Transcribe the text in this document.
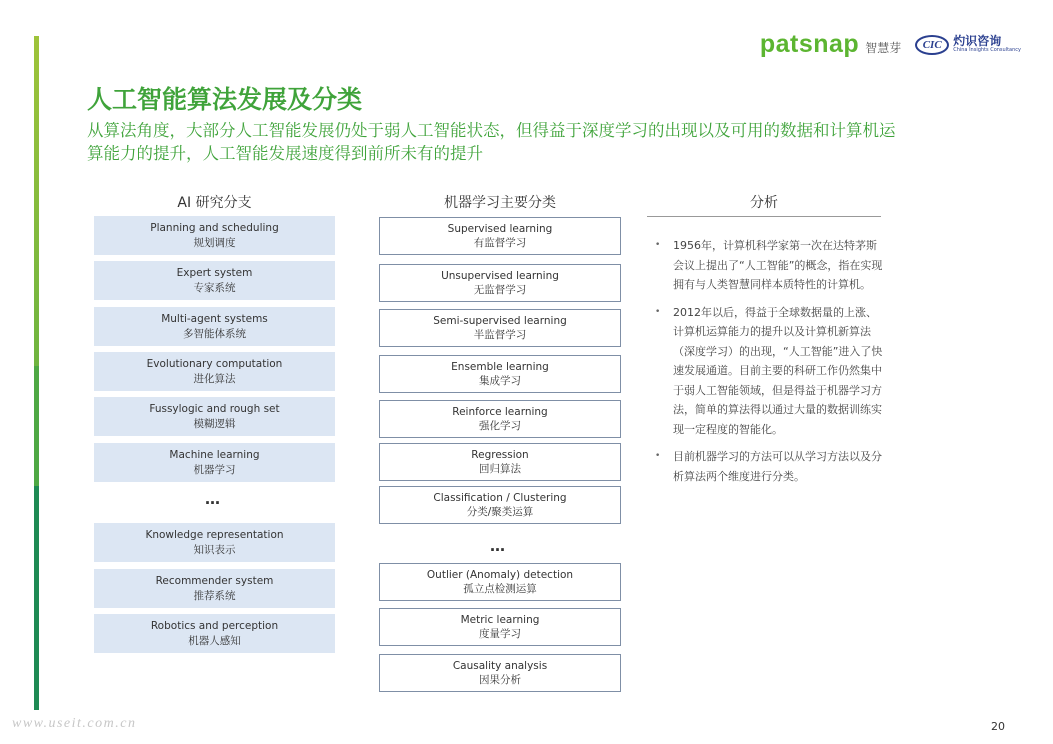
patsnap 智慧芽	CIC 灼识咨询
China Insights Consultancy
人工智能算法发展及分类

从算法角度，大部分人工智能发展仍处于弱人工智能状态，但得益于深度学习的出现以及可用的数据和计算机运算能力的提升，人工智能发展速度得到前所未有的提升

AI 研究分支	机器学习主要分类	分析
Planning and scheduling
规划调度
Expert system
专家系统
Multi-agent systems
多智能体系统
Evolutionary computation
进化算法
Fussylogic and rough set
模糊逻辑
Machine learning
机器学习
…
Knowledge representation
知识表示
Recommender system
推荐系统
Robotics and perception
机器人感知
Supervised learning
有监督学习
Unsupervised learning
无监督学习
Semi-supervised learning
半监督学习
Ensemble learning
集成学习
Reinforce learning
强化学习
Regression
回归算法
Classification / Clustering
分类/聚类运算
…
Outlier (Anomaly) detection
孤立点检测运算
Metric learning
度量学习
Causality analysis
因果分析
• 1956年，计算机科学家第一次在达特茅斯会议上提出了“人工智能”的概念，指在实现拥有与人类智慧同样本质特性的计算机。
• 2012年以后，得益于全球数据量的上涨、计算机运算能力的提升以及计算机新算法（深度学习）的出现，“人工智能”进入了快速发展通道。目前主要的科研工作仍然集中于弱人工智能领域，但是得益于机器学习方法，简单的算法得以通过大量的数据训练实现一定程度的智能化。
• 目前机器学习的方法可以从学习方法以及分析算法两个维度进行分类。
www.useit.com.cn	20
